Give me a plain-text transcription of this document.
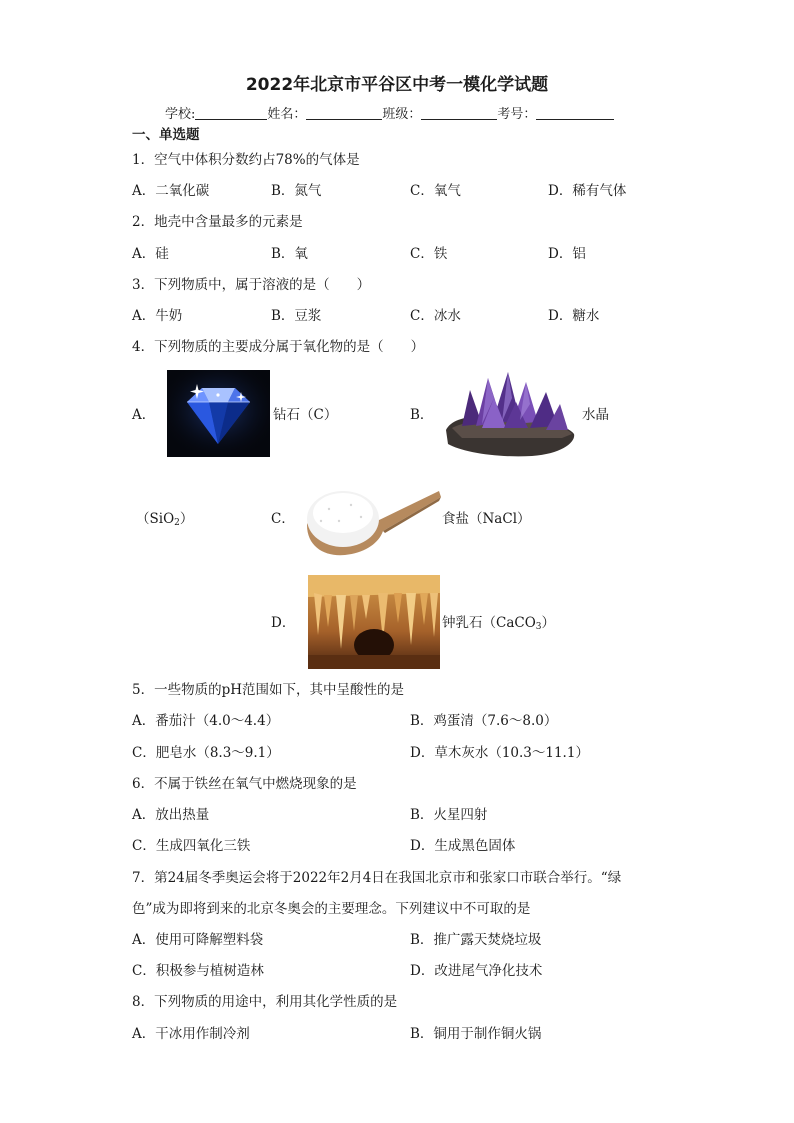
2022年北京市平谷区中考一模化学试题
学校:	姓名：	班级：	考号：
一、单选题
1．空气中体积分数约占78%的气体是
A．二氧化碳	B．氮气	C．氧气	D．稀有气体
2．地壳中含量最多的元素是
A．硅	B．氧	C．铁	D．铝
3．下列物质中，属于溶液的是（　　）
A．牛奶	B．豆浆	C．冰水	D．糖水
4．下列物质的主要成分属于氧化物的是（　　）
A．	钻石（C）	B．	水晶
（SiO$_2$）	C．	食盐（NaCl）
D．	钟乳石（CaCO$_3$）
5．一些物质的pH范围如下，其中呈酸性的是
A．番茄汁（4.0～4.4）	B．鸡蛋清（7.6～8.0）
C．肥皂水（8.3～9.1）	D．草木灰水（10.3～11.1）
6．不属于铁丝在氧气中燃烧现象的是
A．放出热量	B．火星四射
C．生成四氧化三铁	D．生成黑色固体
7．第24届冬季奥运会将于2022年2月4日在我国北京市和张家口市联合举行。“绿
色”成为即将到来的北京冬奥会的主要理念。下列建议中不可取的是
A．使用可降解塑料袋	B．推广露天焚烧垃圾
C．积极参与植树造林	D．改进尾气净化技术
8．下列物质的用途中，利用其化学性质的是
A．干冰用作制冷剂	B．铜用于制作铜火锅
